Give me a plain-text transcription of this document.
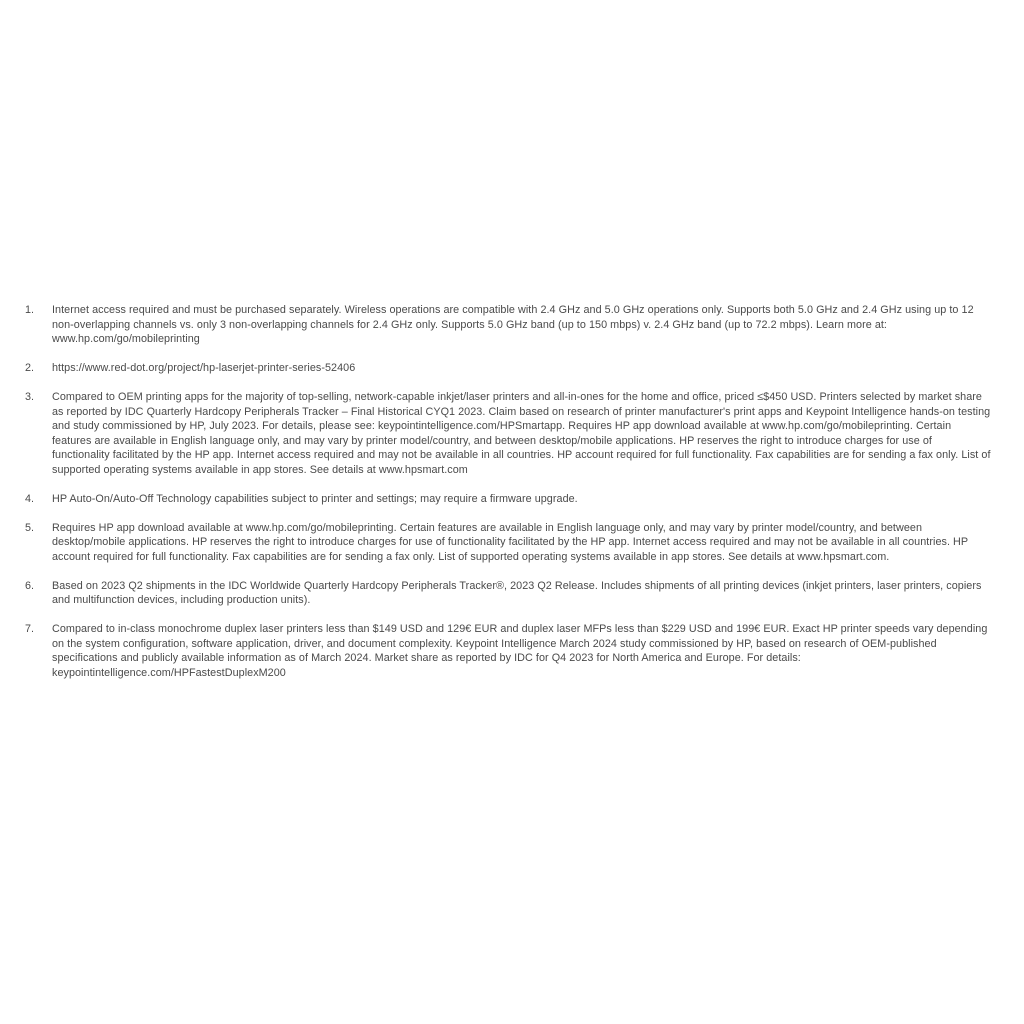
1.	Internet access required and must be purchased separately. Wireless operations are compatible with 2.4 GHz and 5.0 GHz operations only. Supports both 5.0 GHz and 2.4 GHz using up to 12 non-overlapping channels vs. only 3 non-overlapping channels for 2.4 GHz only. Supports 5.0 GHz band (up to 150 mbps) v. 2.4 GHz band (up to 72.2 mbps). Learn more at: www.hp.com/go/mobileprinting
2.	https://www.red-dot.org/project/hp-laserjet-printer-series-52406
3.	Compared to OEM printing apps for the majority of top-selling, network-capable inkjet/laser printers and all-in-ones for the home and office, priced ≤$450 USD. Printers selected by market share as reported by IDC Quarterly Hardcopy Peripherals Tracker – Final Historical CYQ1 2023. Claim based on research of printer manufacturer's print apps and Keypoint Intelligence hands-on testing and study commissioned by HP, July 2023. For details, please see: keypointintelligence.com/HPSmartapp. Requires HP app download available at www.hp.com/go/mobileprinting. Certain features are available in English language only, and may vary by printer model/country, and between desktop/mobile applications. HP reserves the right to introduce charges for use of functionality facilitated by the HP app. Internet access required and may not be available in all countries. HP account required for full functionality. Fax capabilities are for sending a fax only. List of supported operating systems available in app stores. See details at www.hpsmart.com
4.	HP Auto-On/Auto-Off Technology capabilities subject to printer and settings; may require a firmware upgrade.
5.	Requires HP app download available at www.hp.com/go/mobileprinting. Certain features are available in English language only, and may vary by printer model/country, and between desktop/mobile applications. HP reserves the right to introduce charges for use of functionality facilitated by the HP app. Internet access required and may not be available in all countries. HP account required for full functionality. Fax capabilities are for sending a fax only. List of supported operating systems available in app stores. See details at www.hpsmart.com.
6.	Based on 2023 Q2 shipments in the IDC Worldwide Quarterly Hardcopy Peripherals Tracker®, 2023 Q2 Release. Includes shipments of all printing devices (inkjet printers, laser printers, copiers and multifunction devices, including production units).
7.	Compared to in-class monochrome duplex laser printers less than $149 USD and 129€ EUR and duplex laser MFPs less than $229 USD and 199€ EUR. Exact HP printer speeds vary depending on the system configuration, software application, driver, and document complexity. Keypoint Intelligence March 2024 study commissioned by HP, based on research of OEM-published specifications and publicly available information as of March 2024. Market share as reported by IDC for Q4 2023 for North America and Europe. For details: keypointintelligence.com/HPFastestDuplexM200
